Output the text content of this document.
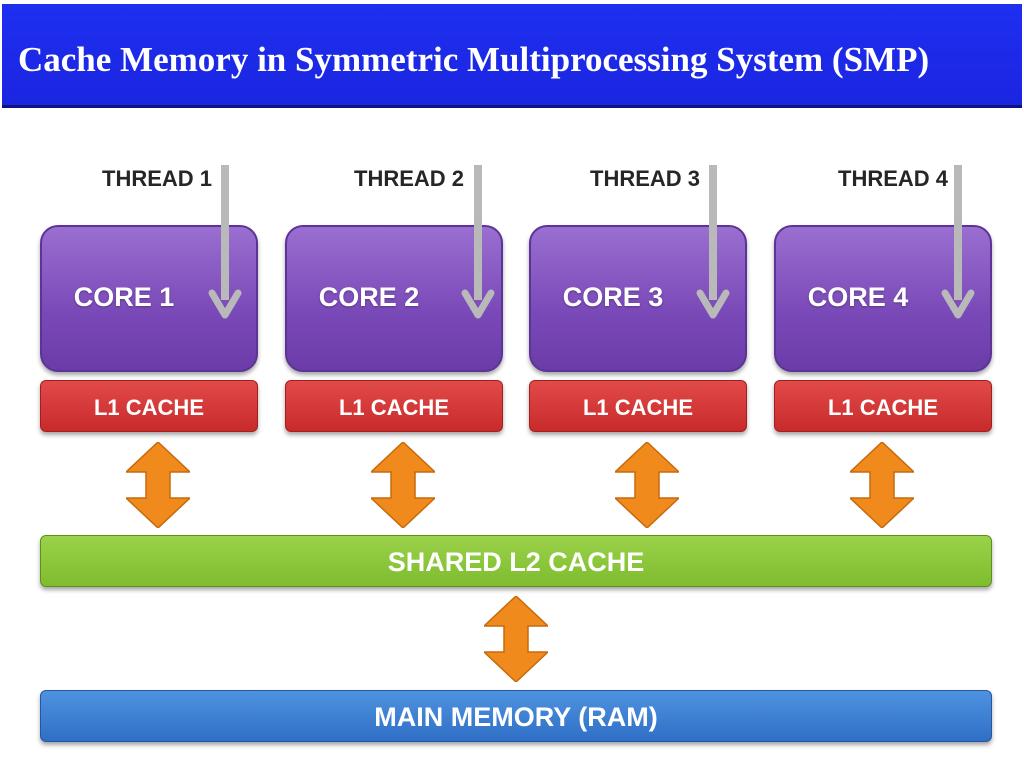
Cache Memory in Symmetric Multiprocessing System (SMP)
THREAD 1
CORE 1
L1 CACHE
THREAD 2
CORE 2
L1 CACHE
THREAD 3
CORE 3
L1 CACHE
THREAD 4
CORE 4
L1 CACHE
SHARED L2 CACHE
MAIN MEMORY (RAM)
